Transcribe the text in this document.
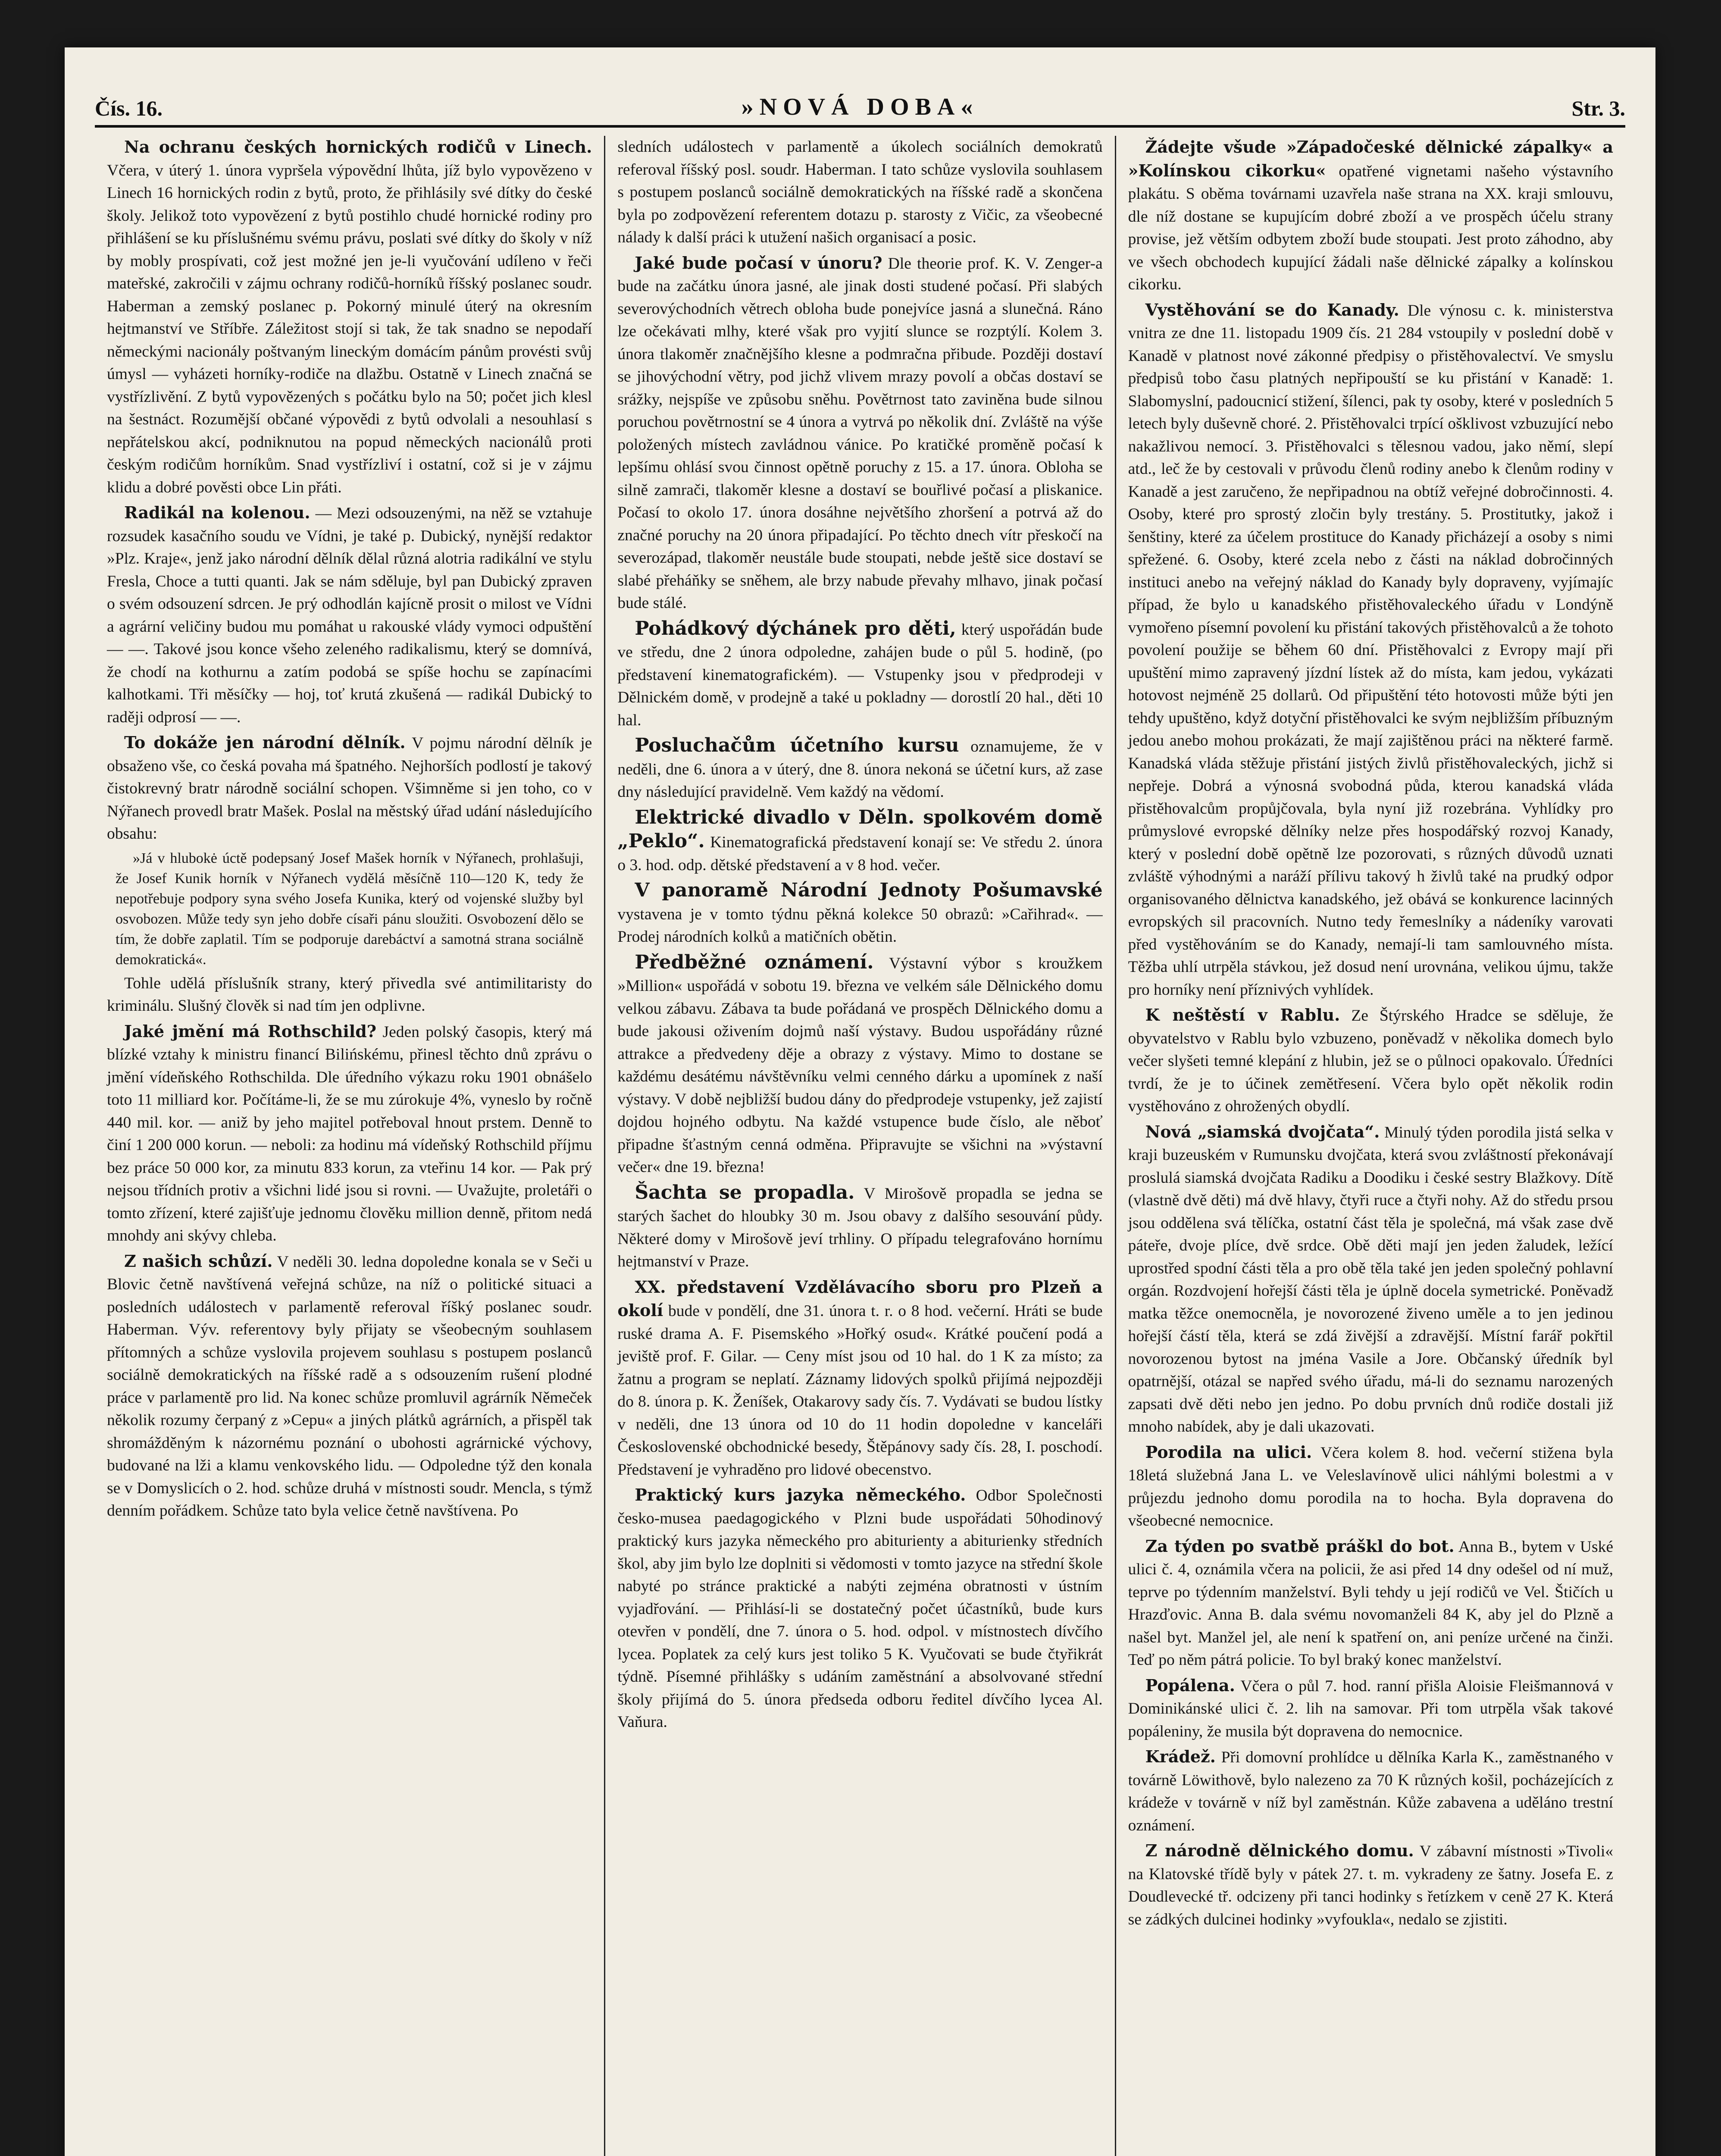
Čís. 16.	»NOVÁ DOBA«	Str. 3.

Na ochranu českých hornických rodičů v Linech. Včera, v úterý 1. února vypršela výpovědní lhůta, jíž bylo vypovězeno v Linech 16 hornických rodin z bytů, proto, že přihlásily své dítky do české školy. Jelikož toto vypovězení z bytů postihlo chudé hornické rodiny pro přihlášení se ku příslušnému svému právu, poslati své dítky do školy v níž by mobly prospívati, což jest možné jen je-li vyučování udíleno v řeči mateřské, zakročili v zájmu ochrany rodičů-horníků říšský poslanec soudr. Haberman a zemský poslanec p. Pokorný minulé úterý na okresním hejtmanství ve Stříbře. Záležitost stojí si tak, že tak snadno se nepodaří německými nacionály poštvaným lineckým domácím pánům provésti svůj úmysl — vyházeti horníky-rodiče na dlažbu. Ostatně v Linech značná se vystřízlivění. Z bytů vypovězených s počátku bylo na 50; počet jich klesl na šestnáct. Rozumější občané výpovědi z bytů odvolali a nesouhlasí s nepřátelskou akcí, podniknutou na popud německých nacionálů proti českým rodičům horníkům. Snad vystřízliví i ostatní, což si je v zájmu klidu a dobré pověsti obce Lin přáti.

Radikál na kolenou. — Mezi odsouzenými, na něž se vztahuje rozsudek kasačního soudu ve Vídni, je také p. Dubický, nynější redaktor »Plz. Kraje«, jenž jako národní dělník dělal různá alotria radikální ve stylu Fresla, Choce a tutti quanti. Jak se nám sděluje, byl pan Dubický zpraven o svém odsouzení sdrcen. Je prý odhodlán kajícně prosit o milost ve Vídni a agrární veličiny budou mu pomáhat u rakouské vlády vymoci odpuštění — —. Takové jsou konce všeho zeleného radikalismu, který se domnívá, že chodí na kothurnu a zatím podobá se spíše hochu se zapínacími kalhotkami. Tři měsíčky — hoj, toť krutá zkušená — radikál Dubický to raději odprosí — —.

To dokáže jen národní dělník. V pojmu národní dělník je obsaženo vše, co česká povaha má špatného. Nejhorších podlostí je takový čistokrevný bratr národně sociální schopen. Všimněme si jen toho, co v Nýřanech provedl bratr Mašek. Poslal na městský úřad udání následujícího obsahu:

»Já v hlubokė úctě podepsaný Josef Mašek horník v Nýřanech, prohlašuji, že Josef Kunik horník v Nýřanech vydělá měsíčně 110—120 K, tedy že nepotřebuje podpory syna svého Josefa Kunika, který od vojenské služby byl osvobozen. Může tedy syn jeho dobře císaři pánu sloužiti. Osvobození dělo se tím, že dobře zaplatil. Tím se podporuje darebáctví a samotná strana sociálně demokratická«.

Tohle udělá příslušník strany, který přivedla své antimilitaristy do kriminálu. Slušný člověk si nad tím jen odplivne.

Jaké jmění má Rothschild? Jeden polský časopis, který má blízké vztahy k ministru financí Bilińskému, přinesl těchto dnů zprávu o jmění vídeňského Rothschilda. Dle úředního výkazu roku 1901 obnášelo toto 11 milliard kor. Počítáme-li, že se mu zúrokuje 4%, vyneslo by ročně 440 mil. kor. — aniž by jeho majitel potřeboval hnout prstem. Denně to činí 1 200 000 korun. — neboli: za hodinu má vídeňský Rothschild příjmu bez práce 50 000 kor, za minutu 833 korun, za vteřinu 14 kor. — Pak prý nejsou třídních protiv a všichni lidé jsou si rovni. — Uvažujte, proletáři o tomto zřízení, které zajišťuje jednomu člověku million denně, přitom nedá mnohdy ani skývy chleba.

Z našich schůzí. V neděli 30. ledna dopoledne konala se v Seči u Blovic četně navštívená veřejná schůze, na níž o politické situaci a posledních událostech v parlamentě referoval říšký poslanec soudr. Haberman. Výv. referentovy byly přijaty se všeobecným souhlasem přítomných a schůze vyslovila projevem souhlasu s postupem poslanců sociálně demokratických na říšské radě a s odsouzením rušení plodné práce v parlamentě pro lid. Na konec schůze promluvil agrárník Němeček několik rozumy čerpaný z »Cepu« a jiných plátků agrárních, a přispěl tak shromážděným k názornému poznání o ubohosti agrárnické výchovy, budované na lži a klamu venkovského lidu. — Odpoledne týž den konala se v Domyslicích o 2. hod. schůze druhá v místnosti soudr. Mencla, s týmž denním pořádkem. Schůze tato byla velice četně navštívena. Po

sledních událostech v parlamentě a úkolech sociálních demokratů referoval říšský posl. soudr. Haberman. I tato schůze vyslovila souhlasem s postupem poslanců sociálně demokratických na říšské radě a skončena byla po zodpovězení referentem dotazu p. starosty z Vičic, za všeobecné nálady k další práci k utužení našich organisací a posic.

Jaké bude počasí v únoru? Dle theorie prof. K. V. Zenger-a bude na začátku února jasné, ale jinak dosti studené počasí. Při slabých severovýchodních větrech obloha bude ponejvíce jasná a slunečná. Ráno lze očekávati mlhy, které však pro vyjití slunce se rozptýlí. Kolem 3. února tlakoměr značnějšího klesne a podmračna přibude. Později dostaví se jihovýchodní větry, pod jichž vlivem mrazy povolí a občas dostaví se srážky, nejspíše ve způsobu sněhu. Povětrnost tato zaviněna bude silnou poruchou povětrnostní se 4 února a vytrvá po několik dní. Zvláště na výše položených místech zavládnou vánice. Po kratičké proměně počasí k lepšímu ohlásí svou činnost opětně poruchy z 15. a 17. února. Obloha se silně zamrači, tlakoměr klesne a dostaví se bouřlivé počasí a pliskanice. Počasí to okolo 17. února dosáhne největšího zhoršení a potrvá až do značné poruchy na 20 února připadající. Po těchto dnech vítr přeskočí na severozápad, tlakoměr neustále bude stoupati, nebde ještě sice dostaví se slabé přeháňky se sněhem, ale brzy nabude převahy mlhavo, jinak počasí bude stálé.

Pohádkový dýchánek pro děti, který uspořádán bude ve středu, dne 2 února odpoledne, zahájen bude o půl 5. hodině, (po představení kinematografickém). — Vstupenky jsou v předprodeji v Dělnickém domě, v prodejně a také u pokladny — dorostlí 20 hal., děti 10 hal.

Posluchačům účetního kursu oznamujeme, že v neděli, dne 6. února a v úterý, dne 8. února nekoná se účetní kurs, až zase dny následující pravidelně. Vem každý na vědomí.

Elektrické divadlo v Děln. spolkovém domě „Peklo“. Kinematografická představení konají se: Ve středu 2. února o 3. hod. odp. dětské představení a v 8 hod. večer.

V panoramě Národní Jednoty Pošumavské vystavena je v tomto týdnu pěkná kolekce 50 obrazů: »Cařihrad«. — Prodej národních kolků a matičních obětin.

Předběžné oznámení. Výstavní výbor s kroužkem »Million« uspořádá v sobotu 19. března ve velkém sále Dělnického domu velkou zábavu. Zábava ta bude pořádaná ve prospěch Dělnického domu a bude jakousi oživením dojmů naší výstavy. Budou uspořádány různé attrakce a předvedeny děje a obrazy z výstavy. Mimo to dostane se každému desátému návštěvníku velmi cenného dárku a upomínek z naší výstavy. V době nejbližší budou dány do předprodeje vstupenky, jež zajistí dojdou hojného odbytu. Na každé vstupence bude číslo, ale něboť připadne šťastným cenná odměna. Připravujte se všichni na »výstavní večer« dne 19. března!

Šachta se propadla. V Mirošově propadla se jedna se starých šachet do hloubky 30 m. Jsou obavy z dalšího sesouvání půdy. Některé domy v Mirošově jeví trhliny. O případu telegrafováno hornímu hejtmanství v Praze.

XX. představení Vzdělávacího sboru pro Plzeň a okolí bude v pondělí, dne 31. února t. r. o 8 hod. večerní. Hráti se bude ruské drama A. F. Pisemského »Hořký osud«. Krátké poučení podá a jeviště prof. F. Gilar. — Ceny míst jsou od 10 hal. do 1 K za místo; za žatnu a program se neplatí. Záznamy lidových spolků přijímá nejpozději do 8. února p. K. Ženíšek, Otakarovy sady čís. 7. Vydávati se budou lístky v neděli, dne 13 února od 10 do 11 hodin dopoledne v kanceláři Československé obchodnické besedy, Štěpánovy sady čís. 28, I. poschodí. Představení je vyhraděno pro lidové obecenstvo.

Praktický kurs jazyka německého. Odbor Společnosti česko-musea paedagogického v Plzni bude uspořádati 50hodinový praktický kurs jazyka německého pro abiturienty a abiturienky středních škol, aby jim bylo lze doplniti si vědomosti v tomto jazyce na střední škole nabyté po stránce praktické a nabýti zejména obratnosti v ústním vyjadřování. — Přihlásí-li se dostatečný počet účastníků, bude kurs otevřen v pondělí, dne 7. února o 5. hod. odpol. v místnostech dívčího lycea. Poplatek za celý kurs jest toliko 5 K. Vyučovati se bude čtyřikrát týdně. Písemné přihlášky s udáním zaměstnání a absolvované střední školy přijímá do 5. února předseda odboru ředitel dívčího lycea Al. Vaňura.

Žádejte všude »Západočeské dělnické zápalky« a »Kolínskou cikorku« opatřené vignetami našeho výstavního plakátu. S oběma továrnami uzavřela naše strana na XX. kraji smlouvu, dle níž dostane se kupujícím dobré zboží a ve prospěch účelu strany provise, jež větším odbytem zboží bude stoupati. Jest proto záhodno, aby ve všech obchodech kupující žádali naše dělnické zápalky a kolínskou cikorku.

Vystěhování se do Kanady. Dle výnosu c. k. ministerstva vnitra ze dne 11. listopadu 1909 čís. 21 284 vstoupily v poslední době v Kanadě v platnost nové zákonné předpisy o přistěhovalectví. Ve smyslu předpisů tobo času platných nepřipouští se ku přistání v Kanadě: 1. Slabomyslní, padoucnicí stižení, šílenci, pak ty osoby, které v posledních 5 letech byly duševně choré. 2. Přistěhovalci trpící ošklivost vzbuzující nebo nakažlivou nemocí. 3. Přistěhovalci s tělesnou vadou, jako němí, slepí atd., leč že by cestovali v průvodu členů rodiny anebo k členům rodiny v Kanadě a jest zaručeno, že nepřipadnou na obtíž veřejné dobročinnosti. 4. Osoby, které pro sprostý zločin byly trestány. 5. Prostitutky, jakož i šenštiny, které za účelem prostituce do Kanady přicházejí a osoby s nimi spřežené. 6. Osoby, které zcela nebo z části na náklad dobročinných instituci anebo na veřejný náklad do Kanady byly dopraveny, vyjímajíc případ, že bylo u kanadského přistěhovaleckého úřadu v Londýně vymořeno písemní povolení ku přistání takových přistěhovalců a že tohoto povolení použije se během 60 dní. Přistěhovalci z Evropy mají při upuštění mimo zapravený jízdní lístek až do místa, kam jedou, vykázati hotovost nejméně 25 dollarů. Od připuštění této hotovosti může býti jen tehdy upuštěno, když dotyční přistěhovalci ke svým nejbližším příbuzným jedou anebo mohou prokázati, že mají zajištěnou práci na některé farmě. Kanadská vláda stěžuje přistání jistých živlů přistěhovaleckých, jichž si nepřeje. Dobrá a výnosná svobodná půda, kterou kanadská vláda přistěhovalcům propůjčovala, byla nyní již rozebrána. Vyhlídky pro průmyslové evropské dělníky nelze přes hospodářský rozvoj Kanady, který v poslední době opětně lze pozorovati, s různých důvodů uznati zvláště výhodnými a naráží přílivu takový h živlů také na prudký odpor organisovaného dělnictva kanadského, jež obává se konkurence lacinných evropských sil pracovních. Nutno tedy řemeslníky a nádeníky varovati před vystěhováním se do Kanady, nemají-li tam samlouvného místa. Těžba uhlí utrpěla stávkou, jež dosud není urovnána, velikou újmu, takže pro horníky není příznivých vyhlídek.

K neštěstí v Rablu. Ze Štýrského Hradce se sděluje, že obyvatelstvo v Rablu bylo vzbuzeno, poněvadž v několika domech bylo večer slyšeti temné klepání z hlubin, jež se o půlnoci opakovalo. Úředníci tvrdí, že je to účinek zemětřesení. Včera bylo opět několik rodin vystěhováno z ohrožených obydlí.

Nová „siamská dvojčata“. Minulý týden porodila jistá selka v kraji buzeuském v Rumunsku dvojčata, která svou zvláštností překonávají proslulá siamská dvojčata Radiku a Doodiku i české sestry Blažkovy. Dítě (vlastně dvě děti) má dvě hlavy, čtyři ruce a čtyři nohy. Až do středu prsou jsou oddělena svá tělíčka, ostatní část těla je společná, má však zase dvě páteře, dvoje plíce, dvě srdce. Obě děti mají jen jeden žaludek, ležící uprostřed spodní části těla a pro obě těla také jen jeden společný pohlavní orgán. Rozdvojení hořejší části těla je úplně docela symetrické. Poněvadž matka těžce onemocněla, je novorozené živeno uměle a to jen jedinou hořejší částí těla, která se zdá živější a zdravější. Místní farář pokřtil novorozenou bytost na jména Vasile a Jore. Občanský úředník byl opatrnější, otázal se napřed svého úřadu, má-li do seznamu narozených zapsati dvě děti nebo jen jedno. Po dobu prvních dnů rodiče dostali již mnoho nabídek, aby je dali ukazovati.

Porodila na ulici. Včera kolem 8. hod. večerní stižena byla 18letá služebná Jana L. ve Veleslavínově ulici náhlými bolestmi a v průjezdu jednoho domu porodila na to hocha. Byla dopravena do všeobecné nemocnice.

Za týden po svatbě práškl do bot. Anna B., bytem v Uské ulici č. 4, oznámila včera na policii, že asi před 14 dny odešel od ní muž, teprve po týdenním manželství. Byli tehdy u její rodičů ve Vel. Štičích u Hrazďovic. Anna B. dala svému novomanželi 84 K, aby jel do Plzně a našel byt. Manžel jel, ale není k spatření on, ani peníze určené na činži. Teď po něm pátrá policie. To byl braký konec manželství.

Popálena. Včera o půl 7. hod. ranní přišla Aloisie Fleišmannová v Dominikánské ulici č. 2. lih na samovar. Při tom utrpěla však takové popáleniny, že musila být dopravena do nemocnice.

Krádež. Při domovní prohlídce u dělníka Karla K., zaměstnaného v továrně Löwithově, bylo nalezeno za 70 K různých košil, pocházejících z krádeže v továrně v níž byl zaměstnán. Kůže zabavena a uděláno trestní oznámení.

Z národně dělnického domu. V zábavní místnosti »Tivoli« na Klatovské třídě byly v pátek 27. t. m. vykradeny ze šatny. Josefa E. z Doudlevecké tř. odcizeny při tanci hodinky s řetízkem v ceně 27 K. Která se zádkých dulcinei hodinky »vyfoukla«, nedalo se zjistiti.
